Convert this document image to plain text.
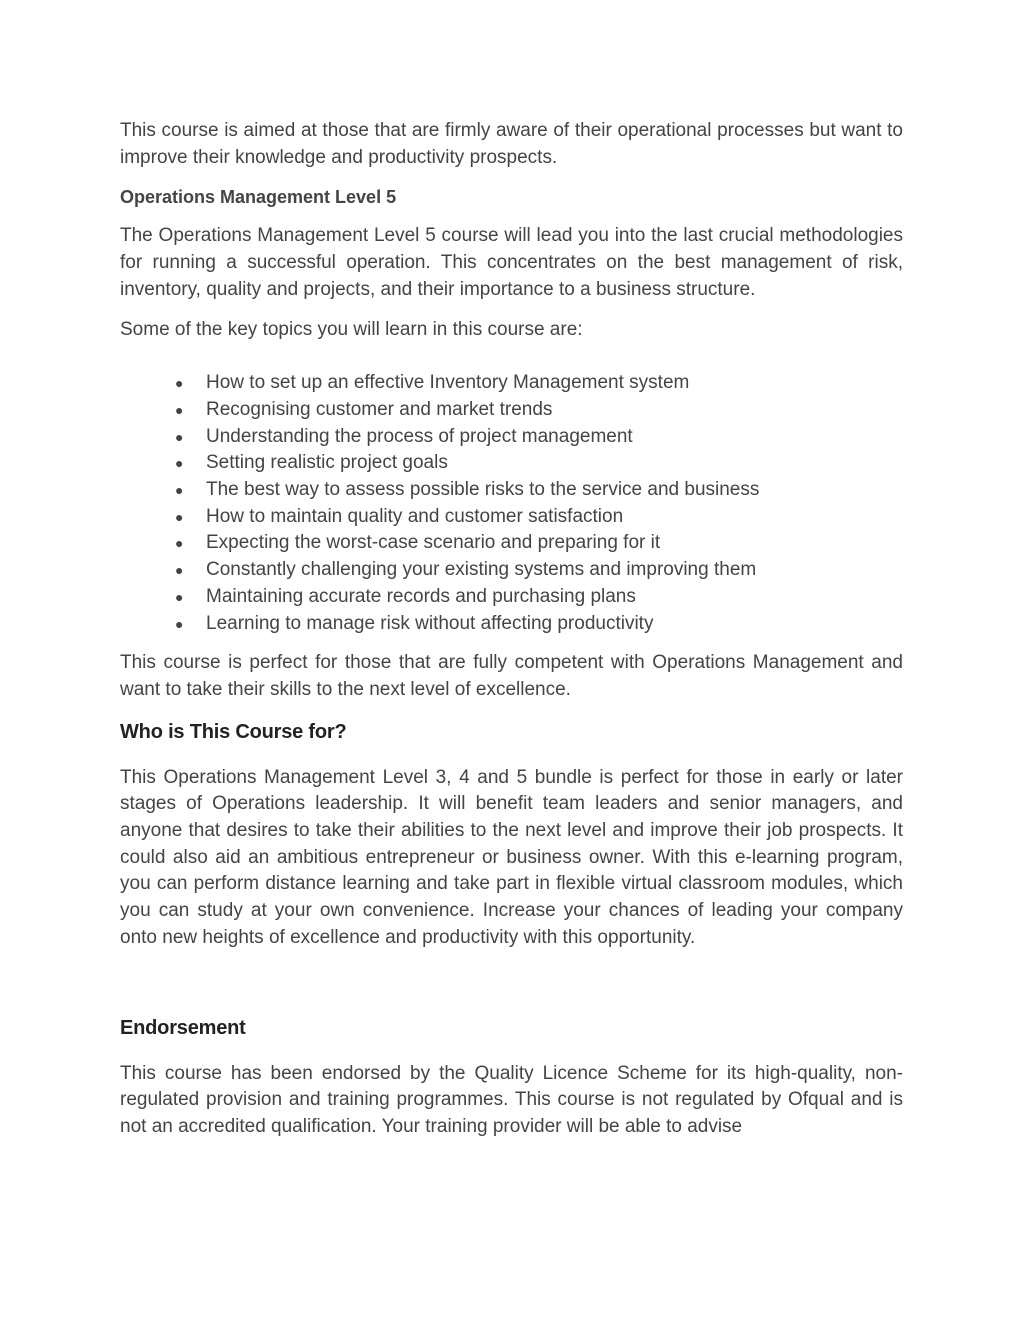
This course is aimed at those that are firmly aware of their operational processes but want to improve their knowledge and productivity prospects.

Operations Management Level 5

The Operations Management Level 5 course will lead you into the last crucial methodologies for running a successful operation. This concentrates on the best management of risk, inventory, quality and projects, and their importance to a business structure.

Some of the key topics you will learn in this course are:

● How to set up an effective Inventory Management system
● Recognising customer and market trends
● Understanding the process of project management
● Setting realistic project goals
● The best way to assess possible risks to the service and business
● How to maintain quality and customer satisfaction
● Expecting the worst-case scenario and preparing for it
● Constantly challenging your existing systems and improving them
● Maintaining accurate records and purchasing plans
● Learning to manage risk without affecting productivity

This course is perfect for those that are fully competent with Operations Management and want to take their skills to the next level of excellence.

Who is This Course for?

This Operations Management Level 3, 4 and 5 bundle is perfect for those in early or later stages of Operations leadership. It will benefit team leaders and senior managers, and anyone that desires to take their abilities to the next level and improve their job prospects. It could also aid an ambitious entrepreneur or business owner. With this e-learning program, you can perform distance learning and take part in flexible virtual classroom modules, which you can study at your own convenience. Increase your chances of leading your company onto new heights of excellence and productivity with this opportunity.

Endorsement

This course has been endorsed by the Quality Licence Scheme for its high-quality, non-regulated provision and training programmes. This course is not regulated by Ofqual and is not an accredited qualification. Your training provider will be able to advise
